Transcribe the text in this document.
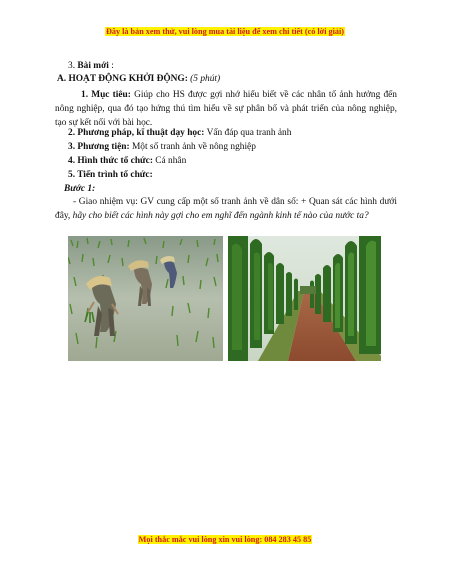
Đây là bản xem thử, vui lòng mua tài liệu để xem chi tiết (có lời giải)
3. Bài mới :
A. HOẠT ĐỘNG KHỞI ĐỘNG: (5 phút)

1. Mục tiêu: Giúp cho HS được gợi nhớ hiểu biết về các nhân tố ảnh hưởng đến nông nghiệp, qua đó tạo hứng thú tìm hiểu về sự phân bố và phát triển của nông nghiệp, tạo sự kết nối với bài học.

2. Phương pháp, kĩ thuật dạy học: Vấn đáp qua tranh ảnh
3. Phương tiện: Một số tranh ảnh về nông nghiệp
4. Hình thức tổ chức: Cá nhân
5. Tiến trình tổ chức:
Bước 1:

- Giao nhiệm vụ: GV cung cấp một số tranh ảnh về dân số: + Quan sát các hình dưới đây, hãy cho biết các hình này gợi cho em nghĩ đến ngành kinh tế nào của nước ta?

Mọi thắc mắc vui lòng xin vui lòng: 084 283 45 85
